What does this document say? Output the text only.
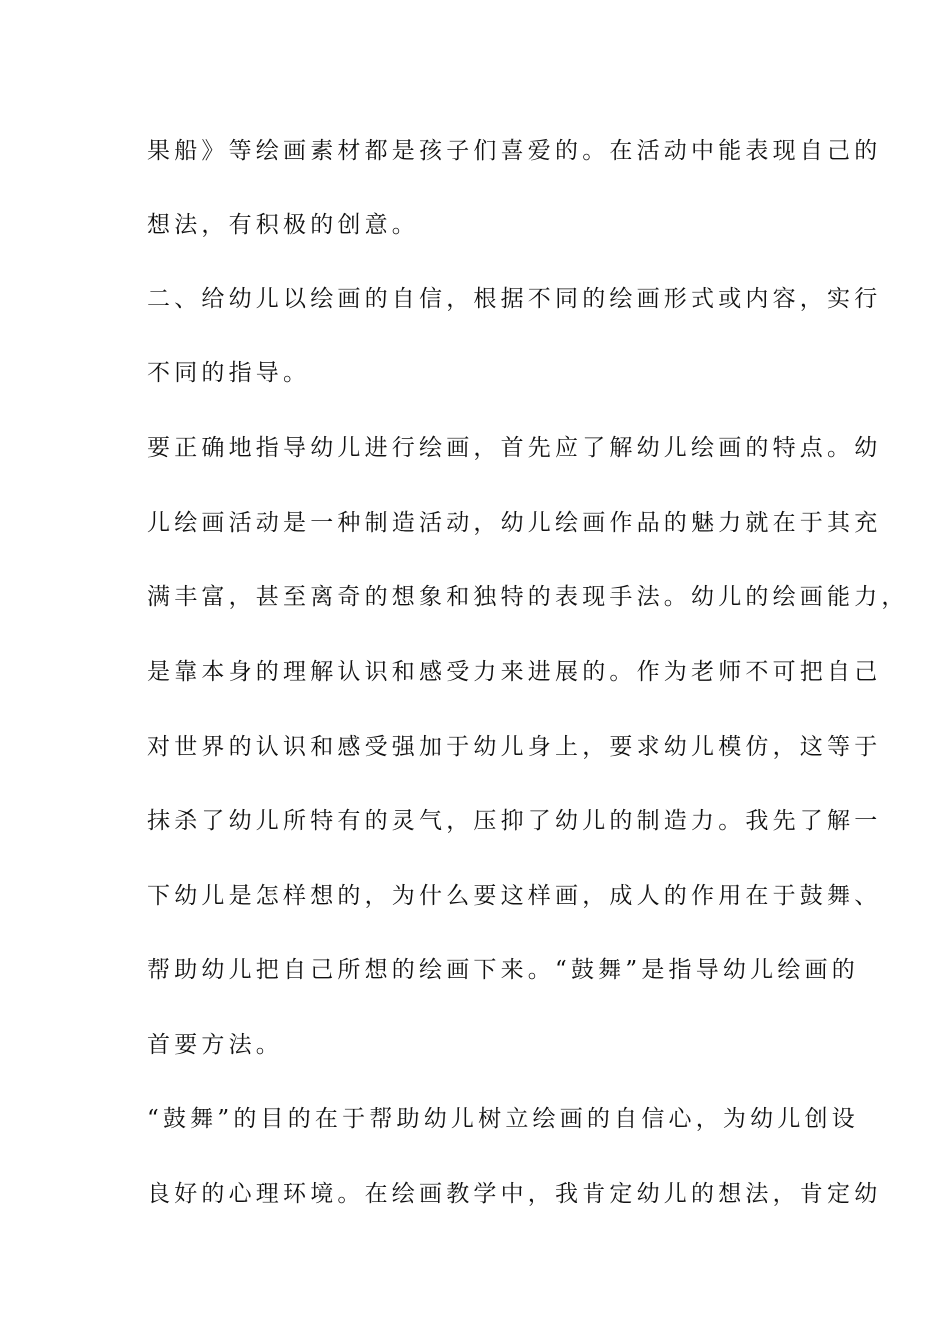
果船》等绘画素材都是孩子们喜爱的。在活动中能表现自己的
想法，有积极的创意。
二、给幼儿以绘画的自信，根据不同的绘画形式或内容，实行
不同的指导。
要正确地指导幼儿进行绘画，首先应了解幼儿绘画的特点。幼
儿绘画活动是一种制造活动，幼儿绘画作品的魅力就在于其充
满丰富，甚至离奇的想象和独特的表现手法。幼儿的绘画能力，
是靠本身的理解认识和感受力来进展的。作为老师不可把自己
对世界的认识和感受强加于幼儿身上，要求幼儿模仿，这等于
抹杀了幼儿所特有的灵气，压抑了幼儿的制造力。我先了解一
下幼儿是怎样想的，为什么要这样画，成人的作用在于鼓舞、
帮助幼儿把自己所想的绘画下来。“鼓舞”是指导幼儿绘画的
首要方法。
“鼓舞”的目的在于帮助幼儿树立绘画的自信心，为幼儿创设
良好的心理环境。在绘画教学中，我肯定幼儿的想法，肯定幼
